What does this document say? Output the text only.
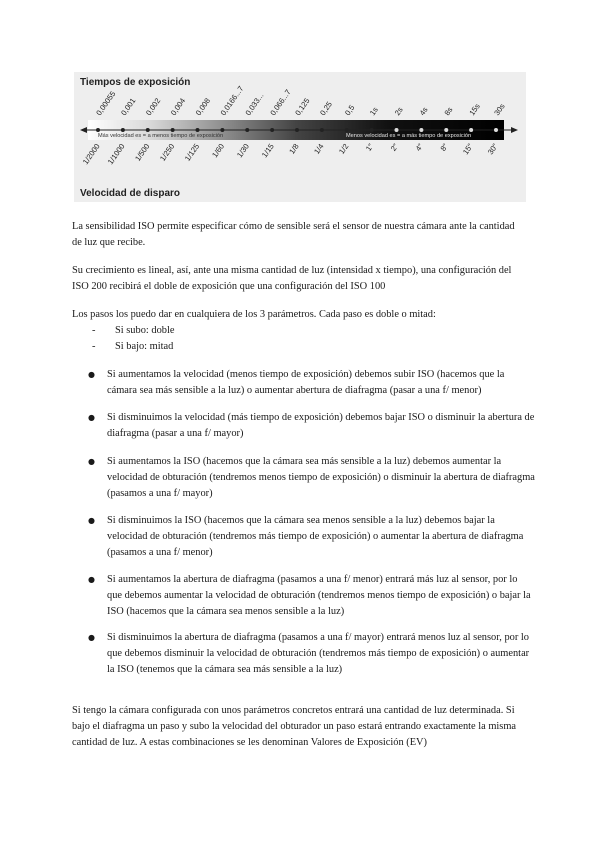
Tiempos de exposición
Velocidad de disparo
Más velocidad es = a menos tiempo de exposición	Menos velocidad es = a más tiempo de exposición
0,00055 0,001 0,002 0,004 0,008 0,0166...7
0,033... 0,066...7 0,125 0,25 0,5 1s 2s 4s 8s 15s 30s
1/2000 1/1000 1/500 1/250 1/125 1/60 1/30 1/15 1/8 1/4 1/2 1" 2" 4" 8" 15" 30"

La sensibilidad ISO permite especificar cómo de sensible será el sensor de nuestra cámara ante la cantidad de luz que recibe.

Su crecimiento es lineal, así, ante una misma cantidad de luz (intensidad x tiempo), una configuración del ISO 200 recibirá el doble de exposición que una configuración del ISO 100

Los pasos los puedo dar en cualquiera de los 3 parámetros. Cada paso es doble o mitad:

- Si subo: doble
- Si bajo: mitad
● Si aumentamos la velocidad (menos tiempo de exposición) debemos subir ISO (hacemos que la cámara sea más sensible a la luz) o aumentar abertura de diafragma (pasar a una f/ menor)
● Si disminuimos la velocidad (más tiempo de exposición) debemos bajar ISO o disminuir la abertura de diafragma (pasar a una f/ mayor)
● Si aumentamos la ISO (hacemos que la cámara sea más sensible a la luz) debemos aumentar la velocidad de obturación (tendremos menos tiempo de exposición) o disminuir la abertura de diafragma (pasamos a una f/ mayor)
● Si disminuimos la ISO (hacemos que la cámara sea menos sensible a la luz) debemos bajar la velocidad de obturación (tendremos más tiempo de exposición) o aumentar la abertura de diafragma (pasamos a una f/ menor)
● Si aumentamos la abertura de diafragma (pasamos a una f/ menor) entrará más luz al sensor, por lo que debemos aumentar la velocidad de obturación (tendremos menos tiempo de exposición) o bajar la ISO (hacemos que la cámara sea menos sensible a la luz)
● Si disminuimos la abertura de diafragma (pasamos a una f/ mayor) entrará menos luz al sensor, por lo que debemos disminuir la velocidad de obturación (tendremos más tiempo de exposición) o aumentar la ISO (tenemos que la cámara sea más sensible a la luz)

Si tengo la cámara configurada con unos parámetros concretos entrará una cantidad de luz determinada. Si bajo el diafragma un paso y subo la velocidad del obturador un paso estará entrando exactamente la misma cantidad de luz. A estas combinaciones se les denominan Valores de Exposición (EV)
